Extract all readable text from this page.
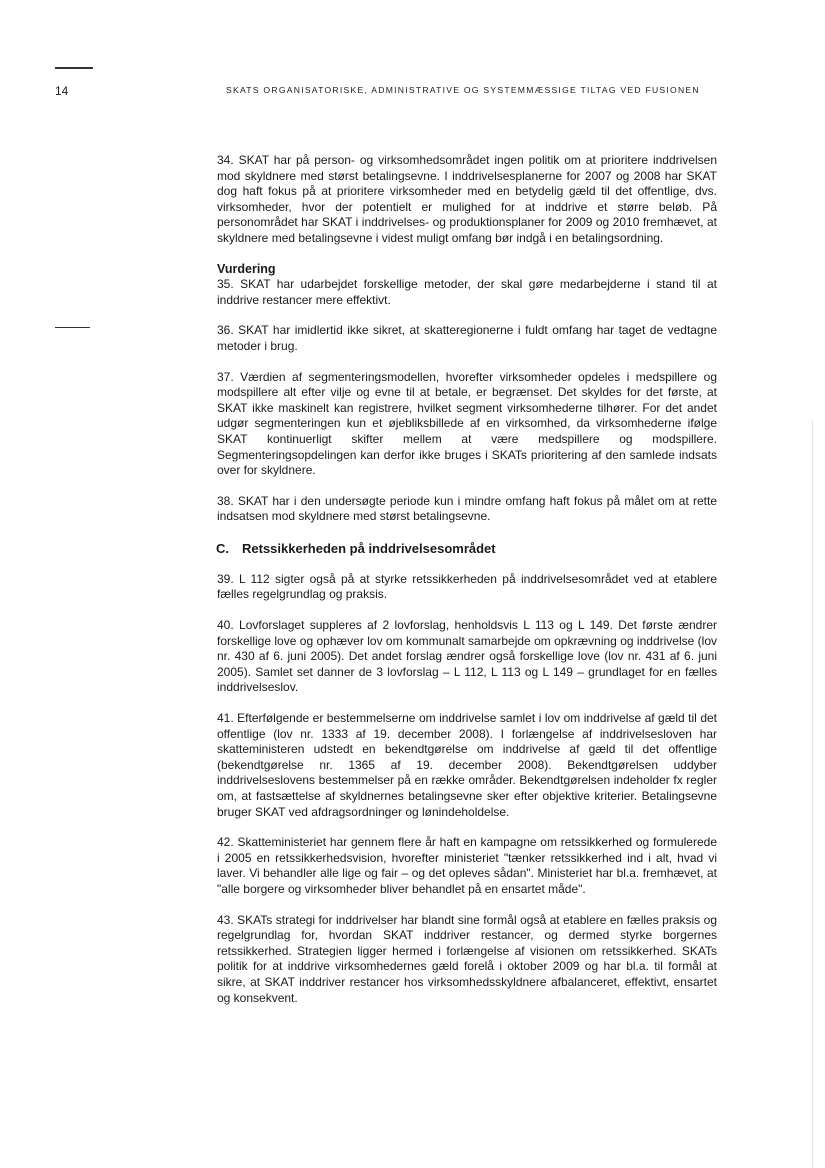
14	SKATS ORGANISATORISKE, ADMINISTRATIVE OG SYSTEMMÆSSIGE TILTAG VED FUSIONEN

34. SKAT har på person- og virksomhedsområdet ingen politik om at prioritere inddrivelsen mod skyldnere med størst betalingsevne. I inddrivelsesplanerne for 2007 og 2008 har SKAT dog haft fokus på at prioritere virksomheder med en betydelig gæld til det offentlige, dvs. virksomheder, hvor der potentielt er mulighed for at inddrive et større beløb. På personområdet har SKAT i inddrivelses- og produktionsplaner for 2009 og 2010 fremhævet, at skyldnere med betalingsevne i videst muligt omfang bør indgå i en betalingsordning.

Vurdering

35. SKAT har udarbejdet forskellige metoder, der skal gøre medarbejderne i stand til at inddrive restancer mere effektivt.

36. SKAT har imidlertid ikke sikret, at skatteregionerne i fuldt omfang har taget de vedtagne metoder i brug.

37. Værdien af segmenteringsmodellen, hvorefter virksomheder opdeles i medspillere og modspillere alt efter vilje og evne til at betale, er begrænset. Det skyldes for det første, at SKAT ikke maskinelt kan registrere, hvilket segment virksomhederne tilhører. For det andet udgør segmenteringen kun et øjebliksbillede af en virksomhed, da virksomhederne ifølge SKAT kontinuerligt skifter mellem at være medspillere og modspillere. Segmenteringsopdelingen kan derfor ikke bruges i SKATs prioritering af den samlede indsats over for skyldnere.

38. SKAT har i den undersøgte periode kun i mindre omfang haft fokus på målet om at rette indsatsen mod skyldnere med størst betalingsevne.

C. Retssikkerheden på inddrivelsesområdet

39. L 112 sigter også på at styrke retssikkerheden på inddrivelsesområdet ved at etablere fælles regelgrundlag og praksis.

40. Lovforslaget suppleres af 2 lovforslag, henholdsvis L 113 og L 149. Det første ændrer forskellige love og ophæver lov om kommunalt samarbejde om opkrævning og inddrivelse (lov nr. 430 af 6. juni 2005). Det andet forslag ændrer også forskellige love (lov nr. 431 af 6. juni 2005). Samlet set danner de 3 lovforslag – L 112, L 113 og L 149 – grundlaget for en fælles inddrivelseslov.

41. Efterfølgende er bestemmelserne om inddrivelse samlet i lov om inddrivelse af gæld til det offentlige (lov nr. 1333 af 19. december 2008). I forlængelse af inddrivelsesloven har skatteministeren udstedt en bekendtgørelse om inddrivelse af gæld til det offentlige (bekendtgørelse nr. 1365 af 19. december 2008). Bekendtgørelsen uddyber inddrivelseslovens bestemmelser på en række områder. Bekendtgørelsen indeholder fx regler om, at fastsættelse af skyldnernes betalingsevne sker efter objektive kriterier. Betalingsevne bruger SKAT ved afdragsordninger og lønindeholdelse.

42. Skatteministeriet har gennem flere år haft en kampagne om retssikkerhed og formulerede i 2005 en retssikkerhedsvision, hvorefter ministeriet "tænker retssikkerhed ind i alt, hvad vi laver. Vi behandler alle lige og fair – og det opleves sådan". Ministeriet har bl.a. fremhævet, at "alle borgere og virksomheder bliver behandlet på en ensartet måde".

43. SKATs strategi for inddrivelser har blandt sine formål også at etablere en fælles praksis og regelgrundlag for, hvordan SKAT inddriver restancer, og dermed styrke borgernes retssikkerhed. Strategien ligger hermed i forlængelse af visionen om retssikkerhed. SKATs politik for at inddrive virksomhedernes gæld forelå i oktober 2009 og har bl.a. til formål at sikre, at SKAT inddriver restancer hos virksomhedsskyldnere afbalanceret, effektivt, ensartet og konsekvent.
